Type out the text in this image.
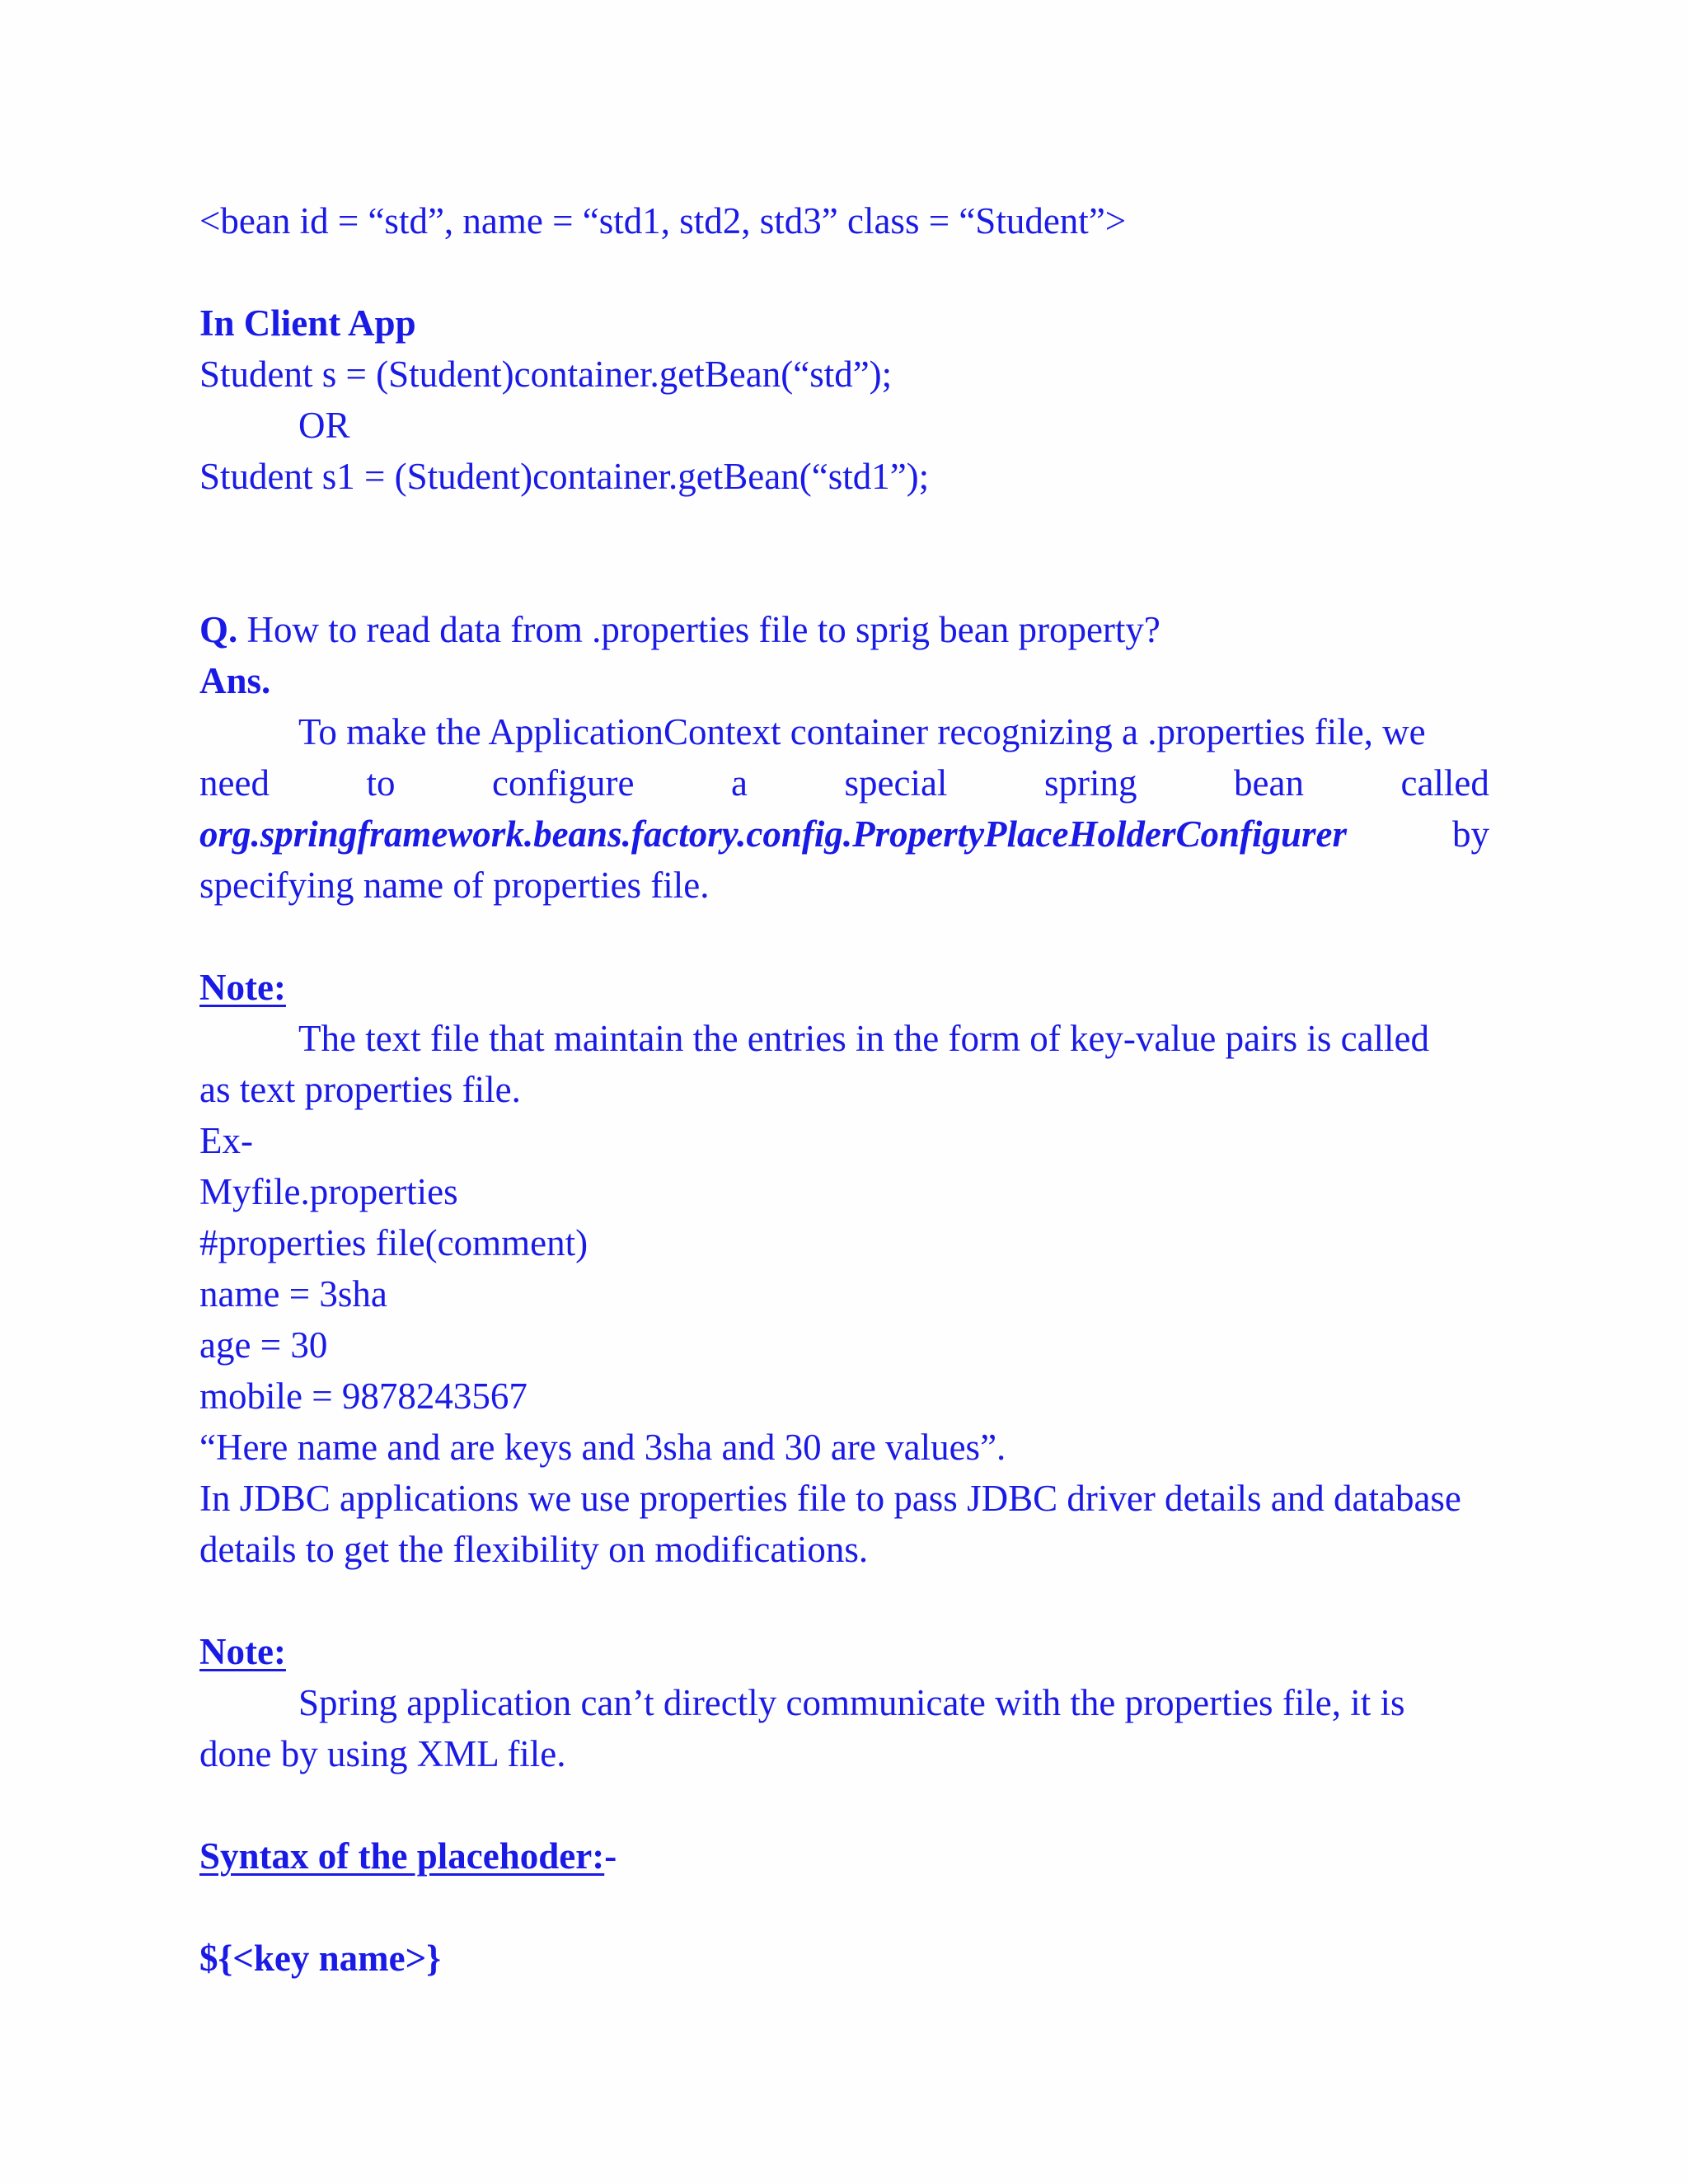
<bean id = “std”, name = “std1, std2, std3” class = “Student”>
In Client App
Student s = (Student)container.getBean(“std”);
OR
Student s1 = (Student)container.getBean(“std1”);
Q. How to read data from .properties file to sprig bean property?
Ans.
To make the ApplicationContext container recognizing a .properties file, we
need	to	configure	a	special	spring	bean	called
org.springframework.beans.factory.config.PropertyPlaceHolderConfigurer	by
specifying name of properties file.
Note:
The text file that maintain the entries in the form of key-value pairs is called
as text properties file.
Ex-
Myfile.properties
#properties file(comment)
name = 3sha
age = 30
mobile = 9878243567
“Here name and are keys and 3sha and 30 are values”.
In JDBC applications we use properties file to pass JDBC driver details and database
details to get the flexibility on modifications.
Note:
Spring application can’t directly communicate with the properties file, it is
done by using XML file.
Syntax of the placehoder:-
${<key name>}
